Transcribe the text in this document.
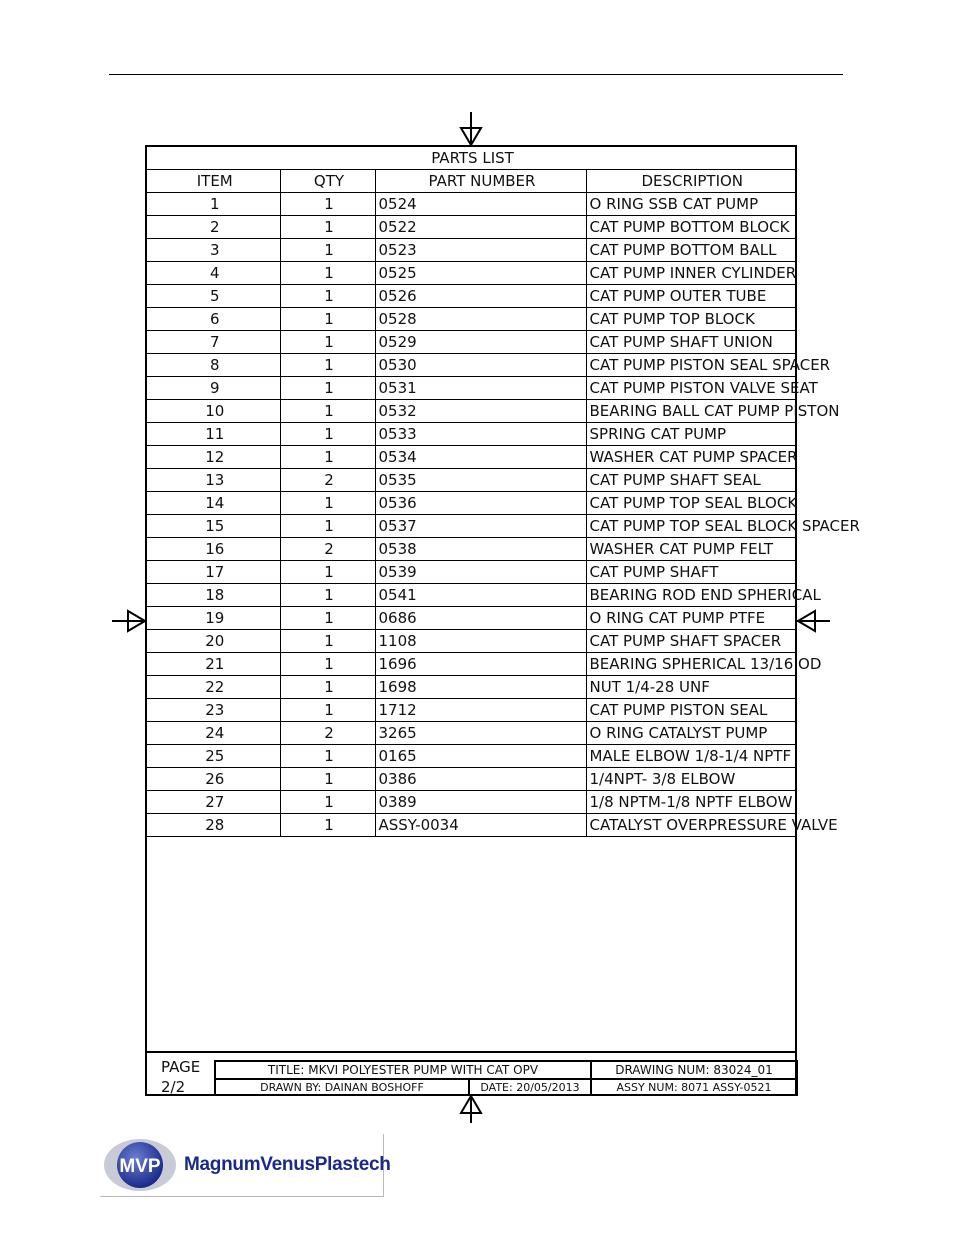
PARTS LIST			
ITEM	QTY	PART NUMBER	DESCRIPTION
1	1	0524	O RING SSB CAT PUMP
2	1	0522	CAT PUMP BOTTOM BLOCK
3	1	0523	CAT PUMP BOTTOM BALL
4	1	0525	CAT PUMP INNER CYLINDER
5	1	0526	CAT PUMP OUTER TUBE
6	1	0528	CAT PUMP TOP BLOCK
7	1	0529	CAT PUMP SHAFT UNION
8	1	0530	CAT PUMP PISTON SEAL SPACER
9	1	0531	CAT PUMP PISTON VALVE SEAT
10	1	0532	BEARING BALL CAT PUMP PISTON
11	1	0533	SPRING CAT PUMP
12	1	0534	WASHER CAT PUMP SPACER
13	2	0535	CAT PUMP SHAFT SEAL
14	1	0536	CAT PUMP TOP SEAL BLOCK
15	1	0537	CAT PUMP TOP SEAL BLOCK SPACER
16	2	0538	WASHER CAT PUMP FELT
17	1	0539	CAT PUMP SHAFT
18	1	0541	BEARING ROD END SPHERICAL
19	1	0686	O RING CAT PUMP PTFE
20	1	1108	CAT PUMP SHAFT SPACER
21	1	1696	BEARING SPHERICAL 13/16 OD
22	1	1698	NUT 1/4-28 UNF
23	1	1712	CAT PUMP PISTON SEAL
24	2	3265	O RING CATALYST PUMP
25	1	0165	MALE ELBOW 1/8-1/4 NPTF
26	1	0386	1/4NPT- 3/8 ELBOW
27	1	0389	1/8 NPTM-1/8 NPTF ELBOW
28	1	ASSY-0034	CATALYST OVERPRESSURE VALVE
PAGE
2/2
TITLE: MKVI POLYESTER PUMP WITH CAT OPV	DRAWING NUM: 83024_01
DRAWN BY: DAINAN BOSHOFF	DATE: 20/05/2013	ASSY NUM: 8071 ASSY-0521
MVP MagnumVenusPlastech
